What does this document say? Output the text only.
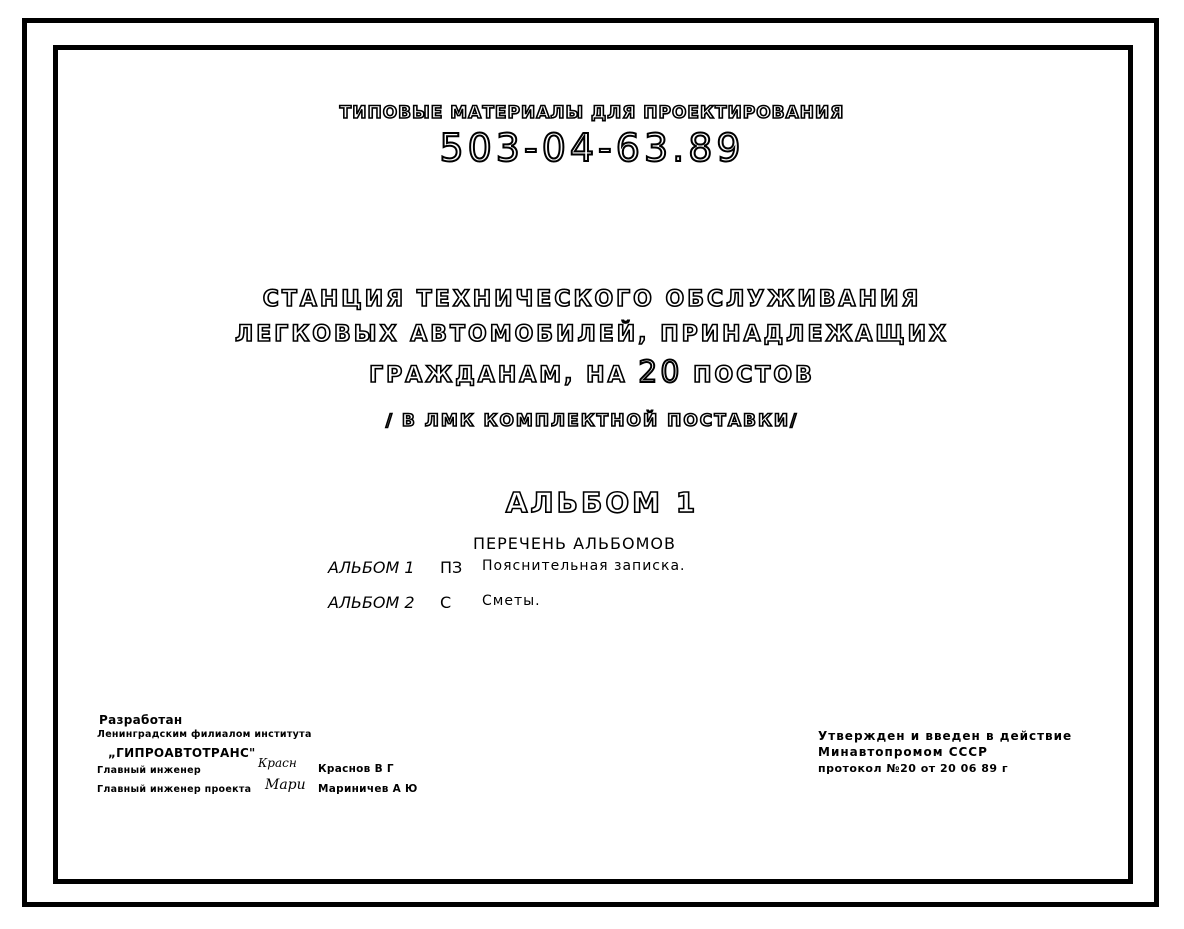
ТИПОВЫЕ МАТЕРИАЛЫ ДЛЯ ПРОЕКТИРОВАНИЯ
503-04-63.89
СТАНЦИЯ ТЕХНИЧЕСКОГО ОБСЛУЖИВАНИЯ
ЛЕГКОВЫХ АВТОМОБИЛЕЙ, ПРИНАДЛЕЖАЩИХ
ГРАЖДАНАМ, НА 20 ПОСТОВ
/ В ЛМК КОМПЛЕКТНОЙ ПОСТАВКИ/
АЛЬБОМ 1
ПЕРЕЧЕНЬ АЛЬБОМОВ
АЛЬБОМ 1 ПЗ Пояснительная записка.
АЛЬБОМ 2 С Сметы.
Разработан
Ленинградским филиалом института
„ГИПРОАВТОТРАНС"
Главный инженер
Красн Краснов В Г
Главный инженер проекта Мари Мариничев А Ю
Утвержден и введен в действие
Минавтопромом СССР
протокол №20 от 20 06 89 г
